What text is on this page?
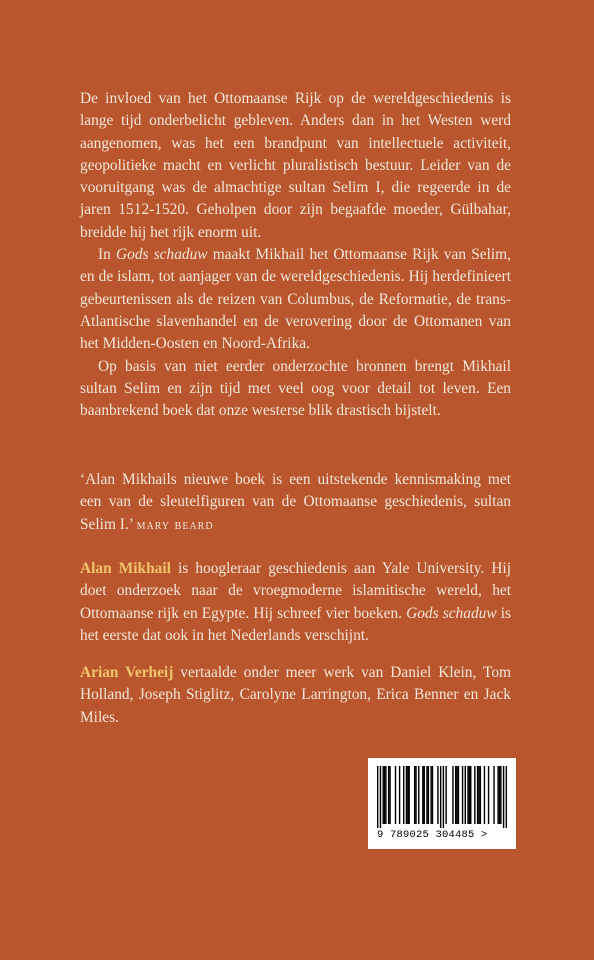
De invloed van het Ottomaanse Rijk op de wereldgeschiedenis is lange tijd onderbelicht gebleven. Anders dan in het Westen werd aangenomen, was het een brandpunt van intellectuele activiteit, geopolitieke macht en verlicht pluralistisch bestuur. Leider van de vooruitgang was de almachtige sultan Selim I, die regeerde in de jaren 1512-1520. Geholpen door zijn begaafde moeder, Gülbahar, breidde hij het rijk enorm uit.

In Gods schaduw maakt Mikhail het Ottomaanse Rijk van Selim, en de islam, tot aanjager van de wereldgeschiedenis. Hij herdefinieert gebeurtenissen als de reizen van Columbus, de Reformatie, de trans-Atlantische slavenhandel en de verovering door de Ottomanen van het Midden-Oosten en Noord-Afrika.

Op basis van niet eerder onderzochte bronnen brengt Mikhail sultan Selim en zijn tijd met veel oog voor detail tot leven. Een baanbrekend boek dat onze westerse blik drastisch bijstelt.

‘Alan Mikhails nieuwe boek is een uitstekende kennismaking met een van de sleutelfiguren van de Ottomaanse geschiedenis, sultan Selim I.’ mary beard

Alan Mikhail is hoogleraar geschiedenis aan Yale University. Hij doet onderzoek naar de vroegmoderne islamitische wereld, het Ottomaanse rijk en Egypte. Hij schreef vier boeken. Gods schaduw is het eerste dat ook in het Nederlands verschijnt.

Arian Verheij vertaalde onder meer werk van Daniel Klein, Tom Holland, Joseph Stiglitz, Carolyne Larrington, Erica Benner en Jack Miles.

9 789025 304485 >
